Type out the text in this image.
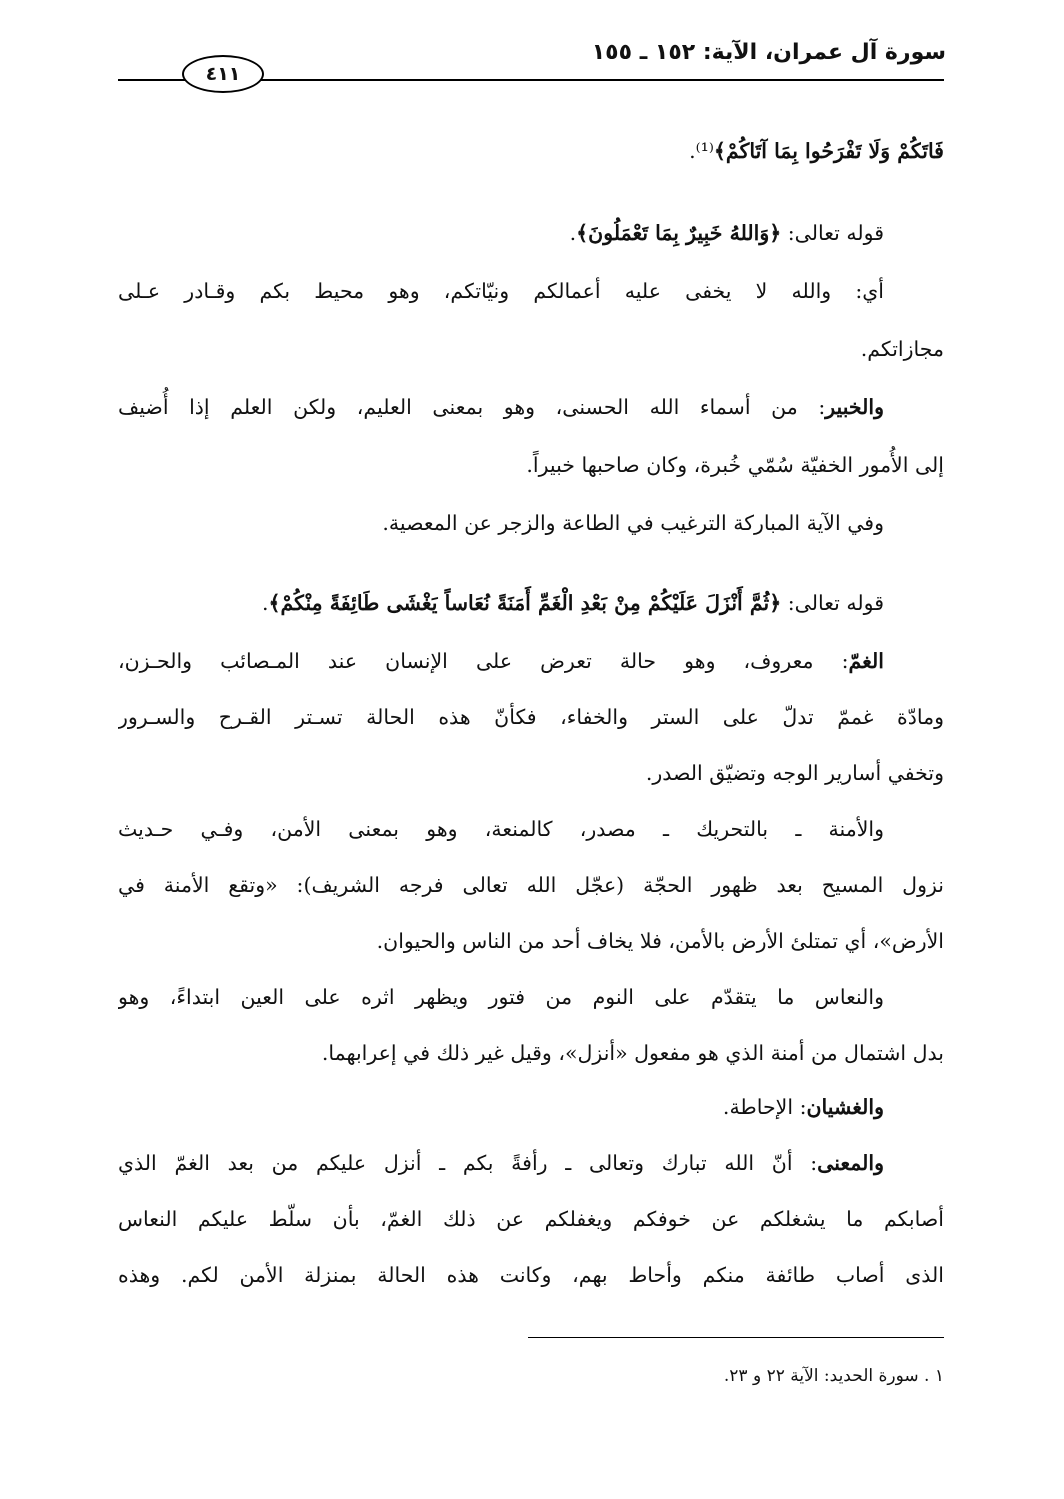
سورة آل عمران، الآية: ١٥٢ ـ ١٥٥
٤١١
فَاتَكُمْ وَلَا تَفْرَحُوا بِمَا آتَاكُمْ﴾⁽¹⁾.
قوله تعالى: ﴿وَاللهُ خَبِيرٌ بِمَا تَعْمَلُونَ﴾.
أي: والله لا يخفى عليه أعمالكم ونيّاتكم، وهو محيط بكم وقـادر عـلى
مجازاتكم.
والخبير: من أسماء الله الحسنى، وهو بمعنى العليم، ولكن العلم إذا أُضيف
إلى الأُمور الخفيّة سُمّي خُبرة، وكان صاحبها خبيراً.
وفي الآية المباركة الترغيب في الطاعة والزجر عن المعصية.
قوله تعالى: ﴿ثُمَّ أَنْزَلَ عَلَيْكُمْ مِنْ بَعْدِ الْغَمِّ أَمَنَةً نُعَاساً يَغْشَى طَائِفَةً مِنْكُمْ﴾.
الغمّ: معروف، وهو حالة تعرض على الإنسان عند المـصائب والحـزن،
ومادّة غممّ تدلّ على الستر والخفاء، فكأنّ هذه الحالة تسـتر القـرح والسـرور
وتخفي أسارير الوجه وتضيّق الصدر.
والأمنة ـ بالتحريك ـ مصدر، كالمنعة، وهو بمعنى الأمن، وفـي حـديث
نزول المسيح بعد ظهور الحجّة (عجّل الله تعالى فرجه الشريف): «وتقع الأمنة في
الأرض»، أي تمتلئ الأرض بالأمن، فلا يخاف أحد من الناس والحيوان.
والنعاس ما يتقدّم على النوم من فتور ويظهر اثره على العين ابتداءً، وهو
بدل اشتمال من أمنة الذي هو مفعول «أنزل»، وقيل غير ذلك في إعرابهما.
والغشيان: الإحاطة.
والمعنى: أنّ الله تبارك وتعالى ـ رأفةً بكم ـ أنزل عليكم من بعد الغمّ الذي
أصابكم ما يشغلكم عن خوفكم ويغفلكم عن ذلك الغمّ، بأن سلّط عليكم النعاس
الذى أصاب طائفة منكم وأحاط بهم، وكانت هذه الحالة بمنزلة الأمن لكم. وهذه
١ . سورة الحديد: الآية ٢٢ و ٢٣.
